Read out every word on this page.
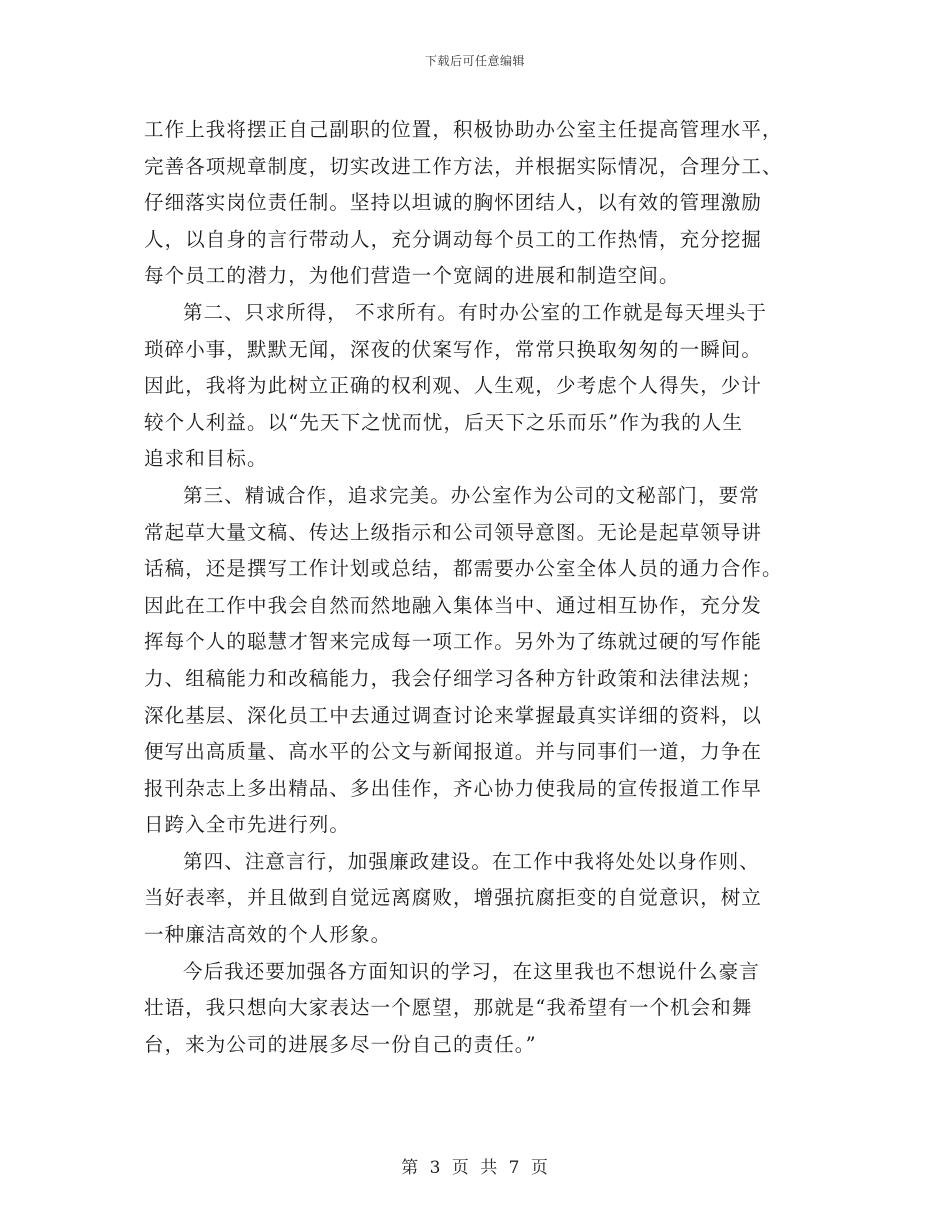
下载后可任意编辑
工作上我将摆正自己副职的位置，积极协助办公室主任提高管理水平，
完善各项规章制度，切实改进工作方法，并根据实际情况，合理分工、
仔细落实岗位责任制。坚持以坦诚的胸怀团结人，以有效的管理激励
人，以自身的言行带动人，充分调动每个员工的工作热情，充分挖掘
每个员工的潜力，为他们营造一个宽阔的进展和制造空间。
第二、只求所得， 不求所有。有时办公室的工作就是每天埋头于
琐碎小事，默默无闻，深夜的伏案写作，常常只换取匆匆的一瞬间。
因此，我将为此树立正确的权利观、人生观，少考虑个人得失，少计
较个人利益。以“先天下之忧而忧，后天下之乐而乐”作为我的人生
追求和目标。
第三、精诚合作，追求完美。办公室作为公司的文秘部门，要常
常起草大量文稿、传达上级指示和公司领导意图。无论是起草领导讲
话稿，还是撰写工作计划或总结，都需要办公室全体人员的通力合作。
因此在工作中我会自然而然地融入集体当中、通过相互协作，充分发
挥每个人的聪慧才智来完成每一项工作。另外为了练就过硬的写作能
力、组稿能力和改稿能力，我会仔细学习各种方针政策和法律法规；
深化基层、深化员工中去通过调查讨论来掌握最真实详细的资料，以
便写出高质量、高水平的公文与新闻报道。并与同事们一道，力争在
报刊杂志上多出精品、多出佳作，齐心协力使我局的宣传报道工作早
日跨入全市先进行列。
第四、注意言行，加强廉政建设。在工作中我将处处以身作则、
当好表率，并且做到自觉远离腐败，增强抗腐拒变的自觉意识，树立
一种廉洁高效的个人形象。
今后我还要加强各方面知识的学习，在这里我也不想说什么豪言
壮语，我只想向大家表达一个愿望，那就是“我希望有一个机会和舞
台，来为公司的进展多尽一份自己的责任。”
第 3 页 共 7 页
